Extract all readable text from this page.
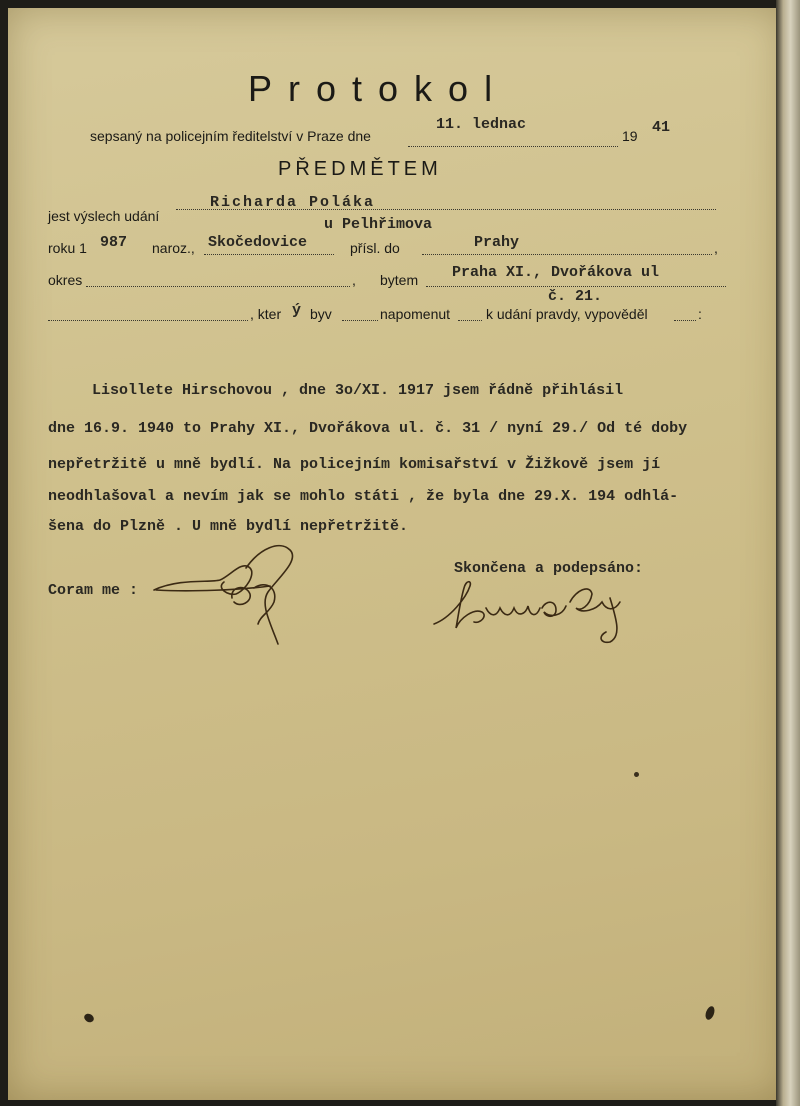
Protokol
sepsaný na policejním ředitelství v Praze dne
11. lednac
19 41
PŘEDMĚTEM
jest výslech udání
Richarda Poláka
roku 1 987 naroz., Skočedovice
u Pelhřimova
přísl. do	Prahy	,
okres	, bytem Praha XI., Dvořákova ul
č. 21.
, kter ý byv	napomenut	k udání pravdy, vypověděl	:
Lisollete Hirschovou , dne 3o/XI. 1917 jsem řádně přihlásil
dne 16.9. 1940 to Prahy XI., Dvořákova ul. č. 31 / nyní 29./ Od té doby
nepřetržitě u mně bydlí. Na policejním komisařství v Žižkově jsem jí
neodhlašoval a nevím jak se mohlo státi , že byla dne 29.X. 194 odhlá-
šena do Plzně . U mně bydlí nepřetržitě.
Skončena a podepsáno:
Coram me :
